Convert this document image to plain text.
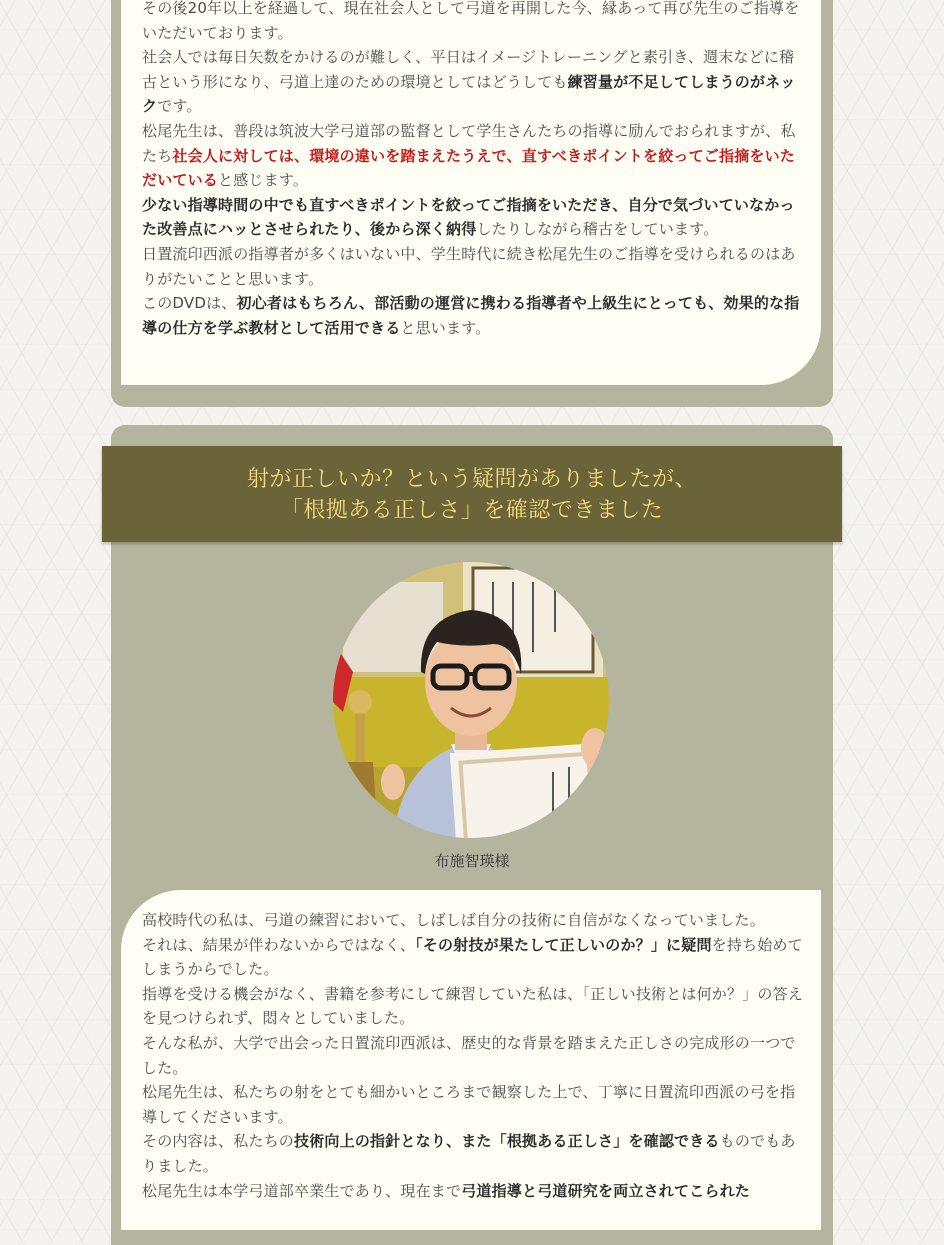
その後20年以上を経過して、現在社会人として弓道を再開した今、縁あって再び先生のご指導をいただいております。

社会人では毎日矢数をかけるのが難しく、平日はイメージトレーニングと素引き、週末などに稽古という形になり、弓道上達のための環境としてはどうしても練習量が不足してしまうのがネックです。

松尾先生は、普段は筑波大学弓道部の監督として学生さんたちの指導に励んでおられますが、私たち社会人に対しては、環境の違いを踏まえたうえで、直すべきポイントを絞ってご指摘をいただいていると感じます。

少ない指導時間の中でも直すべきポイントを絞ってご指摘をいただき、自分で気づいていなかった改善点にハッとさせられたり、後から深く納得したりしながら稽古をしています。

日置流印西派の指導者が多くはいない中、学生時代に続き松尾先生のご指導を受けられるのはありがたいことと思います。

このDVDは、初心者はもちろん、部活動の運営に携わる指導者や上級生にとっても、効果的な指導の仕方を学ぶ教材として活用できると思います。

射が正しいか？という疑問がありましたが、
「根拠ある正しさ」を確認できました
布施智瑛様

高校時代の私は、弓道の練習において、しばしば自分の技術に自信がなくなっていました。

それは、結果が伴わないからではなく、「その射技が果たして正しいのか？」に疑問を持ち始めてしまうからでした。

指導を受ける機会がなく、書籍を参考にして練習していた私は、「正しい技術とは何か？」の答えを見つけられず、悶々としていました。

そんな私が、大学で出会った日置流印西派は、歴史的な背景を踏まえた正しさの完成形の一つでした。

松尾先生は、私たちの射をとても細かいところまで観察した上で、丁寧に日置流印西派の弓を指導してくださいます。

その内容は、私たちの技術向上の指針となり、また「根拠ある正しさ」を確認できるものでもありました。

松尾先生は本学弓道部卒業生であり、現在まで弓道指導と弓道研究を両立されてこられた
